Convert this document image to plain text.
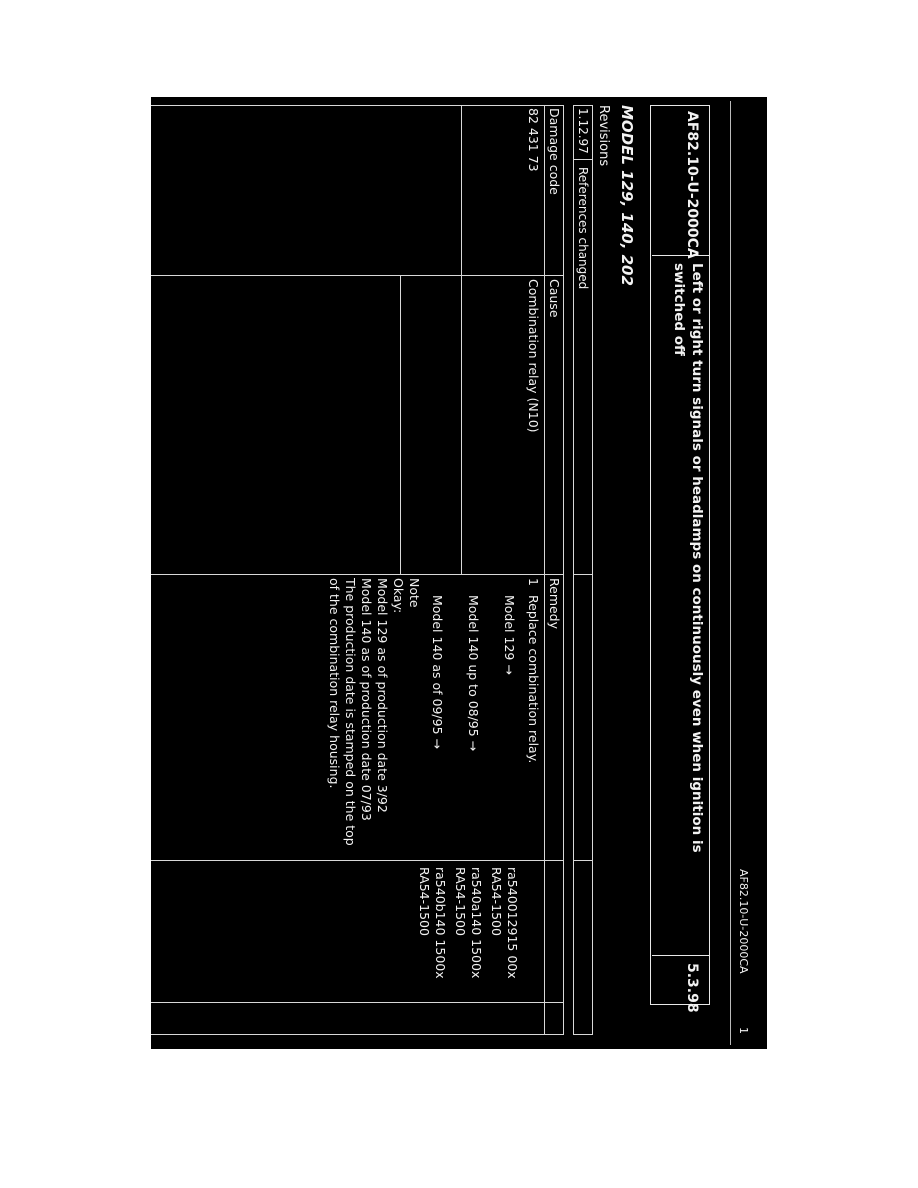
AF82.10-U-2000CA
1
AF82.10-U-2000CA
Left or right turn signals or headlamps on continuously even when ignition is
switched off
5.3.98
MODEL 129, 140, 202
Revisions
1.12.97
References changed
Damage code
Cause
Remedy
82 431 73
Combination relay (N10)
1
Replace combination relay.
Model 129 →
ra540012915 00x
RA54-1500
Model 140 up to 08/95 →
ra540a140 1500x
RA54-1500
Model 140 as of 09/95 →
ra540b140 1500x
RA54-1500
Note
Okay:
Model 129 as of production date 3/92
Model 140 as of production date 07/93
The production date is stamped on the top
of the combination relay housing.
